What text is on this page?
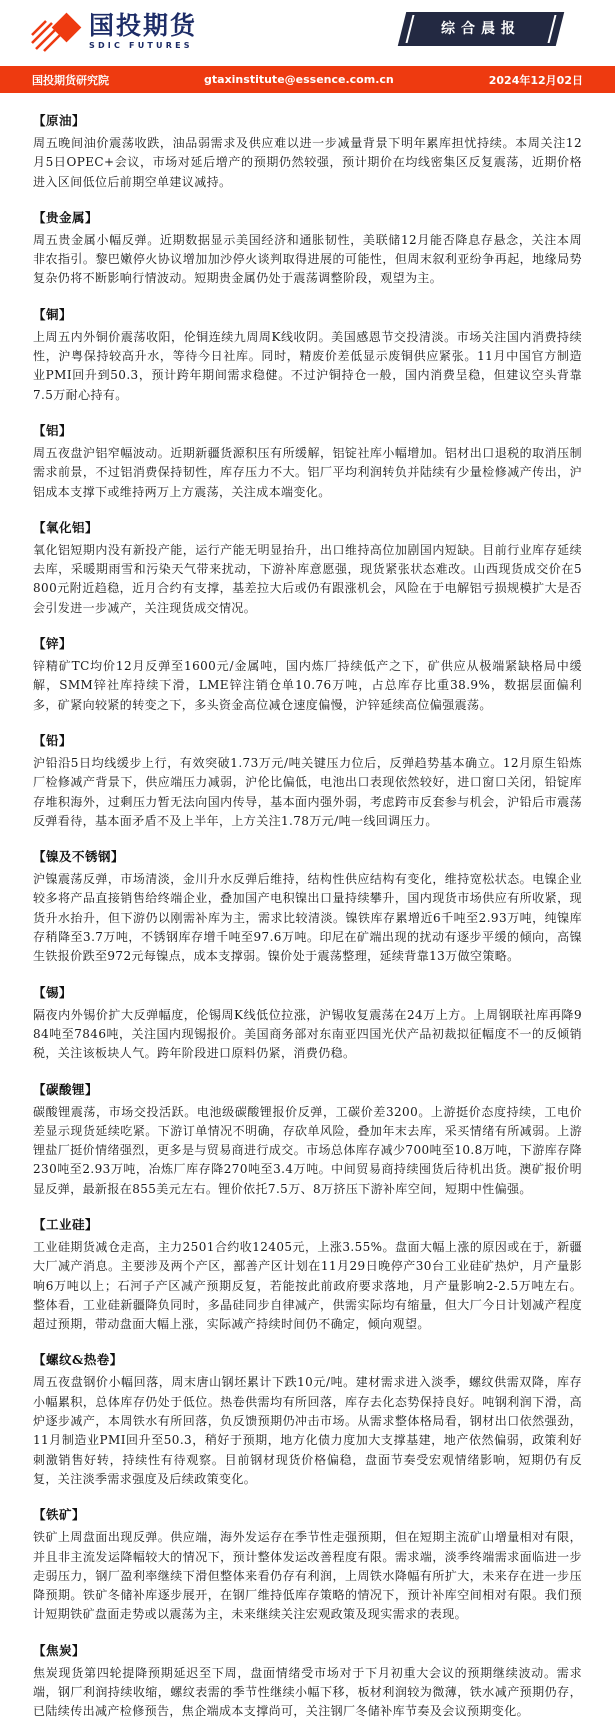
国投期货
SDIC FUTURES
综合晨报
国投期货研究院	gtaxinstitute@essence.com.cn	2024年12月02日
【原油】

周五晚间油价震荡收跌，油品弱需求及供应难以进一步减量背景下明年累库担忧持续。本周关注12月5日OPEC+会议，市场对延后增产的预期仍然较强，预计期价在均线密集区反复震荡，近期价格进入区间低位后前期空单建议减持。

【贵金属】

周五贵金属小幅反弹。近期数据显示美国经济和通胀韧性，美联储12月能否降息存悬念，关注本周非农指引。黎巴嫩停火协议增加加沙停火谈判取得进展的可能性，但周末叙利亚纷争再起，地缘局势复杂仍将不断影响行情波动。短期贵金属仍处于震荡调整阶段，观望为主。

【铜】

上周五内外铜价震荡收阳，伦铜连续九周周K线收阴。美国感恩节交投清淡。市场关注国内消费持续性，沪粤保持较高升水，等待今日社库。同时，精废价差低显示废铜供应紧张。11月中国官方制造业PMI回升到50.3，预计跨年期间需求稳健。不过沪铜持仓一般，国内消费呈稳，但建议空头背靠7.5万耐心持有。

【铝】

周五夜盘沪铝窄幅波动。近期新疆货源积压有所缓解，铝锭社库小幅增加。铝材出口退税的取消压制需求前景，不过铝消费保持韧性，库存压力不大。铝厂平均利润转负并陆续有少量检修减产传出，沪铝成本支撑下或维持两万上方震荡，关注成本端变化。

【氧化铝】

氧化铝短期内没有新投产能，运行产能无明显抬升，出口维持高位加剧国内短缺。目前行业库存延续去库，采暖期雨雪和污染天气带来扰动，下游补库意愿强，现货紧张状态难改。山西现货成交价在5800元附近趋稳，近月合约有支撑，基差拉大后或仍有跟涨机会，风险在于电解铝亏损规模扩大是否会引发进一步减产，关注现货成交情况。

【锌】

锌精矿TC均价12月反弹至1600元/金属吨，国内炼厂持续低产之下，矿供应从极端紧缺格局中缓解，SMM锌社库持续下滑，LME锌注销仓单10.76万吨，占总库存比重38.9%，数据层面偏利多，矿紧向较紧的转变之下，多头资金高位减仓速度偏慢，沪锌延续高位偏强震荡。

【铅】

沪铅沿5日均线缓步上行，有效突破1.73万元/吨关键压力位后，反弹趋势基本确立。12月原生铅炼厂检修减产背景下，供应端压力减弱，沪伦比偏低，电池出口表现依然较好，进口窗口关闭，铅锭库存堆积海外，过剩压力暂无法向国内传导，基本面内强外弱，考虑跨市反套参与机会，沪铅后市震荡反弹看待，基本面矛盾不及上半年，上方关注1.78万元/吨一线回调压力。

【镍及不锈钢】

沪镍震荡反弹，市场清淡，金川升水反弹后维持，结构性供应结构有变化，维持宽松状态。电镍企业较多将产品直接销售给终端企业，叠加国产电积镍出口量持续攀升，国内现货市场供应有所收紧，现货升水抬升，但下游仍以刚需补库为主，需求比较清淡。镍铁库存累增近6千吨至2.93万吨，纯镍库存稍降至3.7万吨，不锈钢库存增千吨至97.6万吨。印尼在矿端出现的扰动有逐步平缓的倾向，高镍生铁报价跌至972元每镍点，成本支撑弱。镍价处于震荡整理，延续背靠13万做空策略。

【锡】

隔夜内外锡价扩大反弹幅度，伦锡周K线低位拉涨，沪锡收复震荡在24万上方。上周钢联社库再降984吨至7846吨，关注国内现锡报价。美国商务部对东南亚四国光伏产品初裁拟征幅度不一的反倾销税，关注该板块人气。跨年阶段进口原料仍紧，消费仍稳。

【碳酸锂】

碳酸锂震荡，市场交投活跃。电池级碳酸锂报价反弹，工碳价差3200。上游挺价态度持续，工电价差显示现货延续吃紧。下游订单情况不明确，存砍单风险，叠加年末去库，采买情绪有所减弱。上游锂盐厂挺价情绪强烈，更多是与贸易商进行成交。市场总体库存减少700吨至10.8万吨，下游库存降230吨至2.93万吨，冶炼厂库存降270吨至3.4万吨。中间贸易商持续囤货后待机出货。澳矿报价明显反弹，最新报在855美元左右。锂价依托7.5万、8万挤压下游补库空间，短期中性偏强。

【工业硅】

工业硅期货减仓走高，主力2501合约收12405元，上涨3.55%。盘面大幅上涨的原因或在于，新疆大厂减产消息。主要涉及两个产区，鄯善产区计划在11月29日晚停产30台工业硅矿热炉，月产量影响6万吨以上；石河子产区减产预期反复，若能按此前政府要求落地，月产量影响2-2.5万吨左右。整体看，工业硅新疆降负同时，多晶硅同步自律减产，供需实际均有缩量，但大厂今日计划减产程度超过预期，带动盘面大幅上涨，实际减产持续时间仍不确定，倾向观望。

【螺纹&热卷】

周五夜盘钢价小幅回落，周末唐山钢坯累计下跌10元/吨。建材需求进入淡季，螺纹供需双降，库存小幅累积，总体库存仍处于低位。热卷供需均有所回落，库存去化态势保持良好。吨钢利润下滑，高炉逐步减产，本周铁水有所回落，负反馈预期仍冲击市场。从需求整体格局看，钢材出口依然强劲，11月制造业PMI回升至50.3，稍好于预期，地方化债力度加大支撑基建，地产依然偏弱，政策利好刺激销售好转，持续性有待观察。目前钢材现货价格偏稳，盘面节奏受宏观情绪影响，短期仍有反复，关注淡季需求强度及后续政策变化。

【铁矿】

铁矿上周盘面出现反弹。供应端，海外发运存在季节性走强预期，但在短期主流矿山增量相对有限，并且非主流发运降幅较大的情况下，预计整体发运改善程度有限。需求端，淡季终端需求面临进一步走弱压力，钢厂盈利率继续下滑但整体来看仍存有利润，上周铁水降幅有所扩大，未来存在进一步压降预期。铁矿冬储补库逐步展开，在钢厂维持低库存策略的情况下，预计补库空间相对有限。我们预计短期铁矿盘面走势或以震荡为主，未来继续关注宏观政策及现实需求的表现。

【焦炭】

焦炭现货第四轮提降预期延迟至下周，盘面情绪受市场对于下月初重大会议的预期继续波动。需求端，钢厂利润持续收缩，螺纹表需的季节性继续小幅下移，板材利润较为微薄，铁水减产预期仍存，已陆续传出减产检修预告，焦企端成本支撑尚可，关注钢厂冬储补库节奏及会议预期变化。
